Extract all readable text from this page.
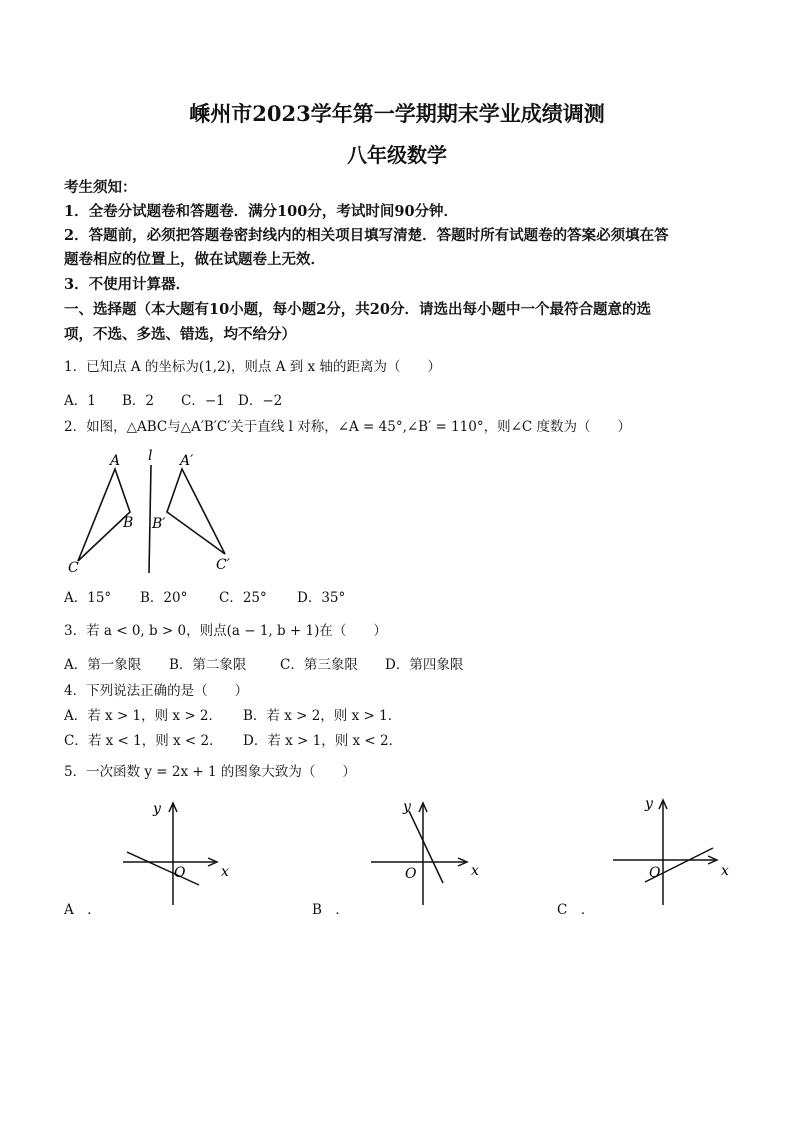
嵊州市2023学年第一学期期末学业成绩调测
八年级数学
考生须知：
1．全卷分试题卷和答题卷．满分100分，考试时间90分钟．
2．答题前，必须把答题卷密封线内的相关项目填写清楚．答题时所有试题卷的答案必须填在答
题卷相应的位置上，做在试题卷上无效．
3．不使用计算器．
一、选择题（本大题有10小题，每小题2分，共20分．请选出每小题中一个最符合题意的选
项，不选、多选、错选，均不给分）
1．已知点 A 的坐标为(1,2)，则点 A 到 x 轴的距离为（　　）
A．1 B．2 C．−1 D．−2
2．如图，△ABC与△A′B′C′关于直线 l 对称，∠A = 45°,∠B′ = 110°，则∠C 度数为（　　）
A
B
C
l A′
B′
C′
A．15° B．20° C．25° D．35°
3．若 a < 0, b > 0，则点(a − 1, b + 1)在（　　）
A．第一象限 B．第二象限 C．第三象限 D．第四象限
4．下列说法正确的是（　　）
A．若 x > 1，则 x > 2． B．若 x > 2，则 x > 1．
C．若 x < 1，则 x < 2． D．若 x > 1，则 x < 2．
5．一次函数 y = 2x + 1 的图象大致为（　　）
y
x
O
y
x
O
y
x
O
A　．	B　．	C　．
